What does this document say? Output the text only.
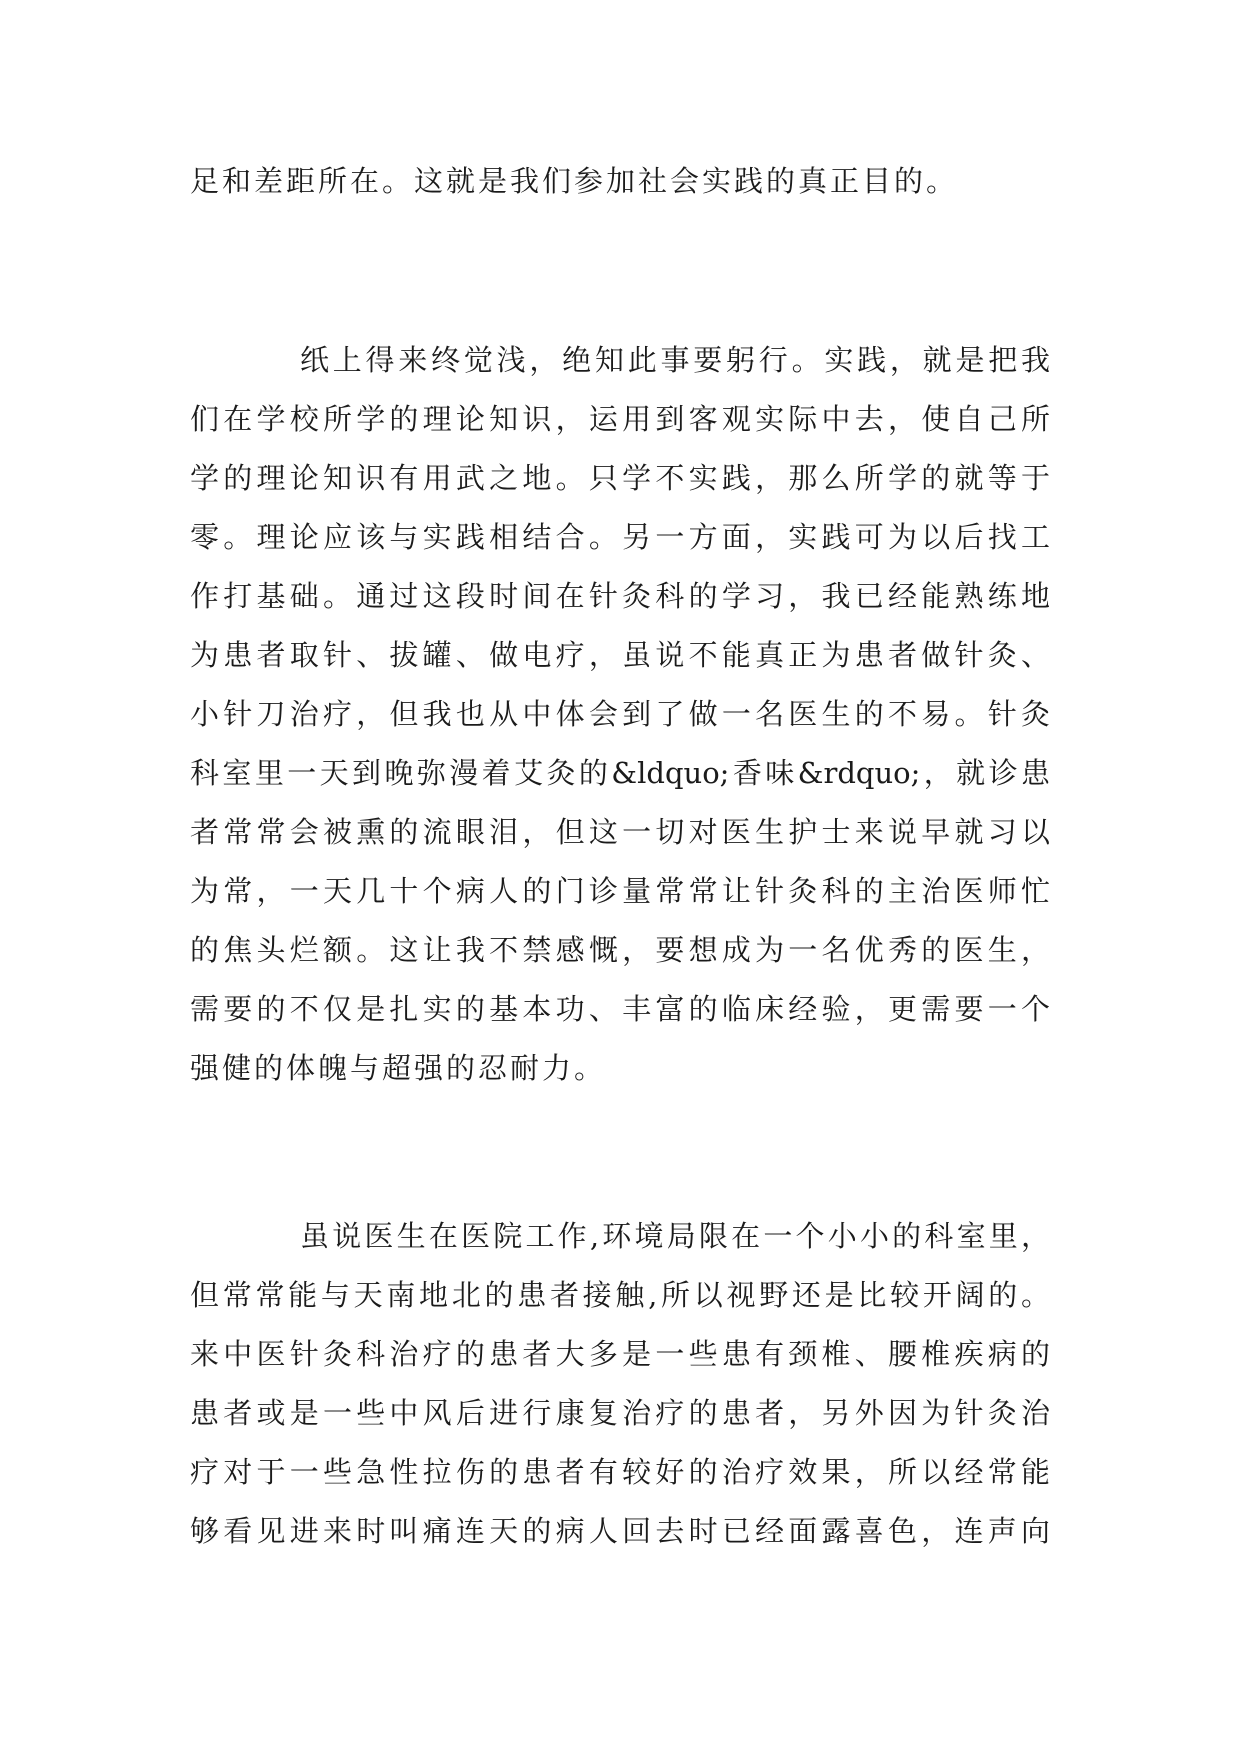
足和差距所在。这就是我们参加社会实践的真正目的。
纸上得来终觉浅，绝知此事要躬行。实践，就是把我
们在学校所学的理论知识，运用到客观实际中去，使自己所
学的理论知识有用武之地。只学不实践，那么所学的就等于
零。理论应该与实践相结合。另一方面，实践可为以后找工
作打基础。通过这段时间在针灸科的学习，我已经能熟练地
为患者取针、拔罐、做电疗，虽说不能真正为患者做针灸、
小针刀治疗，但我也从中体会到了做一名医生的不易。针灸
科室里一天到晚弥漫着艾灸的&ldquo;香味&rdquo;，就诊患
者常常会被熏的流眼泪，但这一切对医生护士来说早就习以
为常，一天几十个病人的门诊量常常让针灸科的主治医师忙
的焦头烂额。这让我不禁感慨，要想成为一名优秀的医生，
需要的不仅是扎实的基本功、丰富的临床经验，更需要一个
强健的体魄与超强的忍耐力。
虽说医生在医院工作,环境局限在一个小小的科室里，
但常常能与天南地北的患者接触,所以视野还是比较开阔的。
来中医针灸科治疗的患者大多是一些患有颈椎、腰椎疾病的
患者或是一些中风后进行康复治疗的患者，另外因为针灸治
疗对于一些急性拉伤的患者有较好的治疗效果，所以经常能
够看见进来时叫痛连天的病人回去时已经面露喜色，连声向
